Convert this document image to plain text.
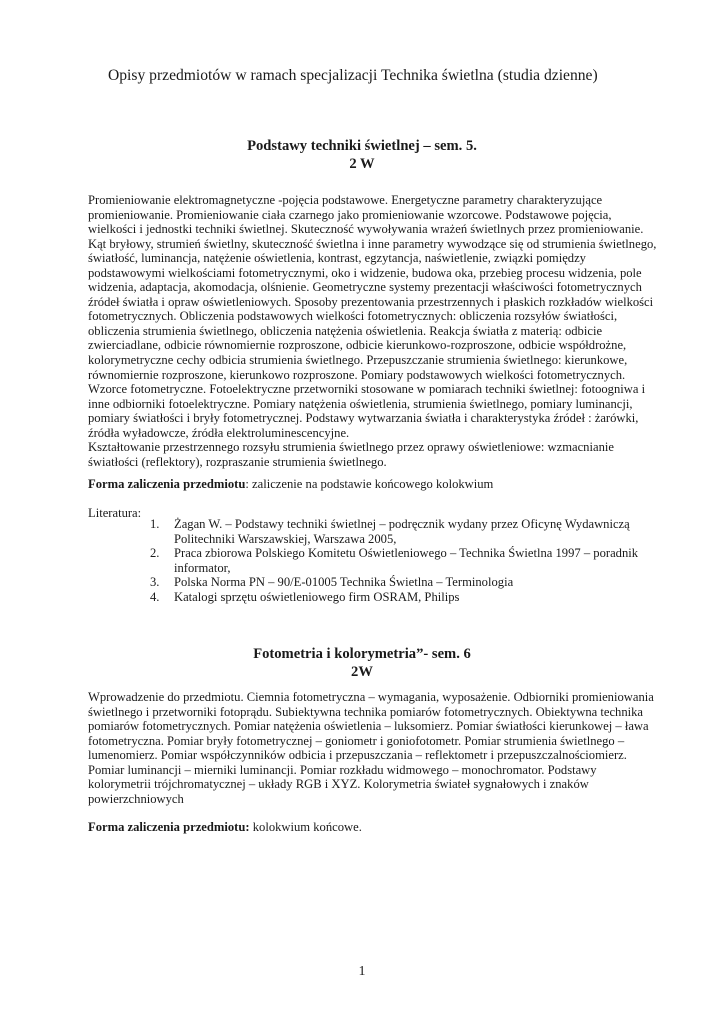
Opisy przedmiotów w ramach specjalizacji Technika świetlna (studia dzienne)
Podstawy techniki świetlnej – sem. 5.
2 W

Promieniowanie elektromagnetyczne -pojęcia podstawowe. Energetyczne parametry charakteryzujące
promieniowanie. Promieniowanie ciała czarnego jako promieniowanie wzorcowe. Podstawowe pojęcia,
wielkości i jednostki techniki świetlnej. Skuteczność wywoływania wrażeń świetlnych przez promieniowanie.
Kąt bryłowy, strumień świetlny, skuteczność świetlna i inne parametry wywodzące się od strumienia świetlnego,
światłość, luminancja, natężenie oświetlenia, kontrast, egzytancja, naświetlenie, związki pomiędzy
podstawowymi wielkościami fotometrycznymi, oko i widzenie, budowa oka, przebieg procesu widzenia, pole
widzenia, adaptacja, akomodacja, olśnienie. Geometryczne systemy prezentacji właściwości fotometrycznych
źródeł światła i opraw oświetleniowych. Sposoby prezentowania przestrzennych i płaskich rozkładów wielkości
fotometrycznych. Obliczenia podstawowych wielkości fotometrycznych: obliczenia rozsyłów światłości,
obliczenia strumienia świetlnego, obliczenia natężenia oświetlenia. Reakcja światła z materią: odbicie
zwierciadlane, odbicie równomiernie rozproszone, odbicie kierunkowo-rozproszone, odbicie współdrożne,
kolorymetryczne cechy odbicia strumienia świetlnego. Przepuszczanie strumienia świetlnego: kierunkowe,
równomiernie rozproszone, kierunkowo rozproszone. Pomiary podstawowych wielkości fotometrycznych.
Wzorce fotometryczne. Fotoelektryczne przetworniki stosowane w pomiarach techniki świetlnej: fotoogniwa i
inne odbiorniki fotoelektryczne. Pomiary natężenia oświetlenia, strumienia świetlnego, pomiary luminancji,
pomiary światłości i bryły fotometrycznej. Podstawy wytwarzania światła i charakterystyka źródeł : żarówki,
źródła wyładowcze, źródła elektroluminescencyjne.
Kształtowanie przestrzennego rozsyłu strumienia świetlnego przez oprawy oświetleniowe: wzmacnianie
światłości (reflektory), rozpraszanie strumienia świetlnego.

Forma zaliczenia przedmiotu: zaliczenie na podstawie końcowego kolokwium
Literatura:
1. Żagan W. – Podstawy techniki świetlnej – podręcznik wydany przez Oficynę Wydawniczą
Politechniki Warszawskiej, Warszawa 2005,
2. Praca zbiorowa Polskiego Komitetu Oświetleniowego – Technika Świetlna 1997 – poradnik
informator,
3. Polska Norma PN – 90/E-01005 Technika Świetlna – Terminologia
4. Katalogi sprzętu oświetleniowego firm OSRAM, Philips
Fotometria i kolorymetria”- sem. 6
2W

Wprowadzenie do przedmiotu. Ciemnia fotometryczna – wymagania, wyposażenie. Odbiorniki promieniowania
świetlnego i przetworniki fotoprądu. Subiektywna technika pomiarów fotometrycznych. Obiektywna technika
pomiarów fotometrycznych. Pomiar natężenia oświetlenia – luksomierz. Pomiar światłości kierunkowej – ława
fotometryczna. Pomiar bryły fotometrycznej – goniometr i goniofotometr. Pomiar strumienia świetlnego –
lumenomierz. Pomiar współczynników odbicia i przepuszczania – reflektometr i przepuszczalnościomierz.
Pomiar luminancji – mierniki luminancji. Pomiar rozkładu widmowego – monochromator. Podstawy
kolorymetrii trójchromatycznej – układy RGB i XYZ. Kolorymetria świateł sygnałowych i znaków
powierzchniowych

Forma zaliczenia przedmiotu: kolokwium końcowe.
1
